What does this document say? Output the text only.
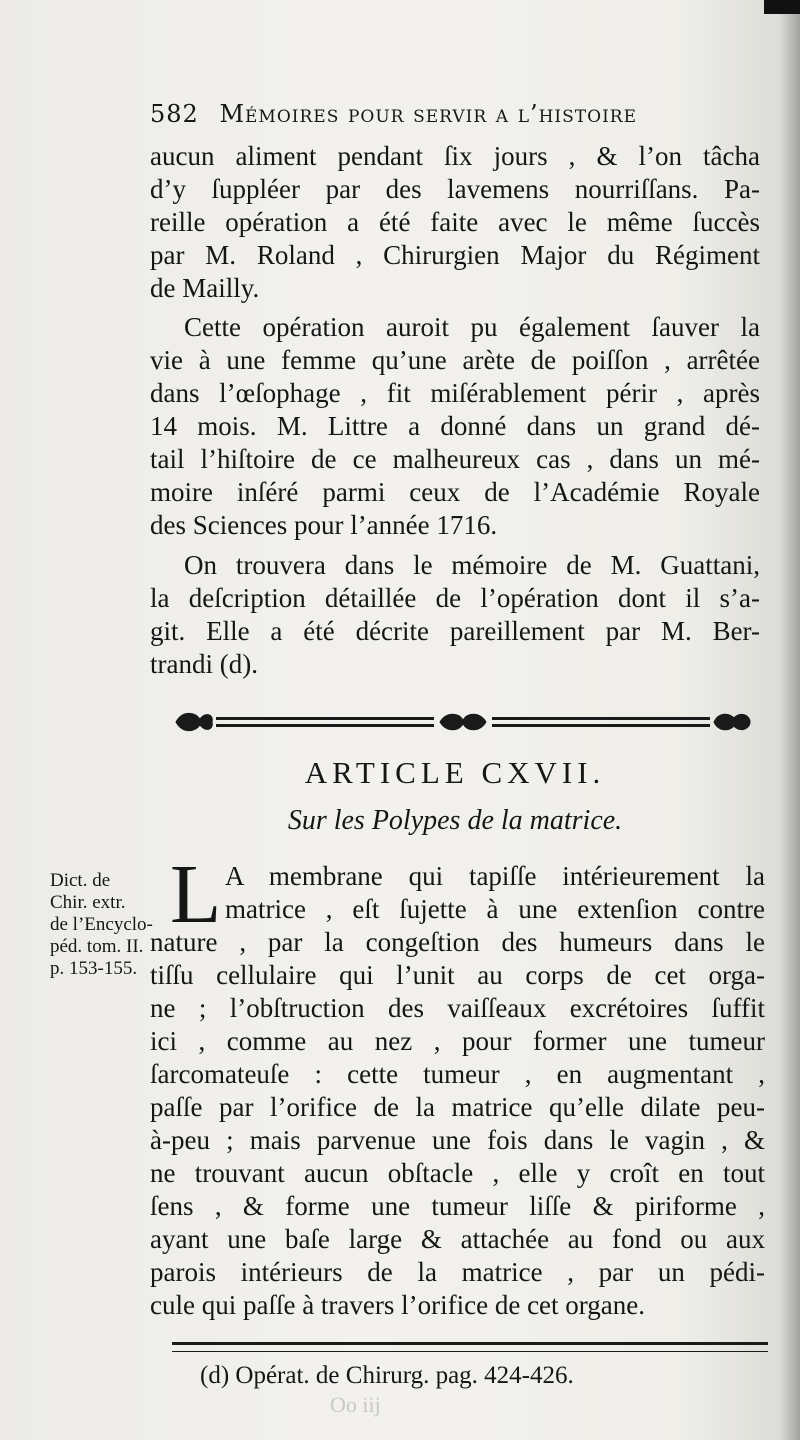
582 Mémoires pour servir a l’histoire
aucun aliment pendant ſix jours , & l’on tâcha
d’y ſuppléer par des lavemens nourriſſans. Pa-
reille opération a été faite avec le même ſuccès
par M. Roland , Chirurgien Major du Régiment
de Mailly.
Cette opération auroit pu également ſauver la
vie à une femme qu’une arète de poiſſon , arrêtée
dans l’œſophage , fit miſérablement périr , après
14 mois. M. Littre a donné dans un grand dé-
tail l’hiſtoire de ce malheureux cas , dans un mé-
moire inſéré parmi ceux de l’Académie Royale
des Sciences pour l’année 1716.
On trouvera dans le mémoire de M. Guattani,
la deſcription détaillée de l’opération dont il s’a-
git. Elle a été décrite pareillement par M. Ber-
trandi (d).
ARTICLE CXVII.
Sur les Polypes de la matrice.
Dict. de
Chir. extr.
de l’Encyclo-
péd. tom. II.
p. 153-155.
L A membrane qui tapiſſe intérieurement la
matrice , eſt ſujette à une extenſion contre
nature , par la congeſtion des humeurs dans le
tiſſu cellulaire qui l’unit au corps de cet orga-
ne ; l’obſtruction des vaiſſeaux excrétoires ſuffit
ici , comme au nez , pour former une tumeur
ſarcomateuſe : cette tumeur , en augmentant ,
paſſe par l’orifice de la matrice qu’elle dilate peu-
à-peu ; mais parvenue une fois dans le vagin , &
ne trouvant aucun obſtacle , elle y croît en tout
ſens , & forme une tumeur liſſe & piriforme ,
ayant une baſe large & attachée au fond ou aux
parois intérieurs de la matrice , par un pédi-
cule qui paſſe à travers l’orifice de cet organe.
(d) Opérat. de Chirurg. pag. 424-426.
Oo iij
